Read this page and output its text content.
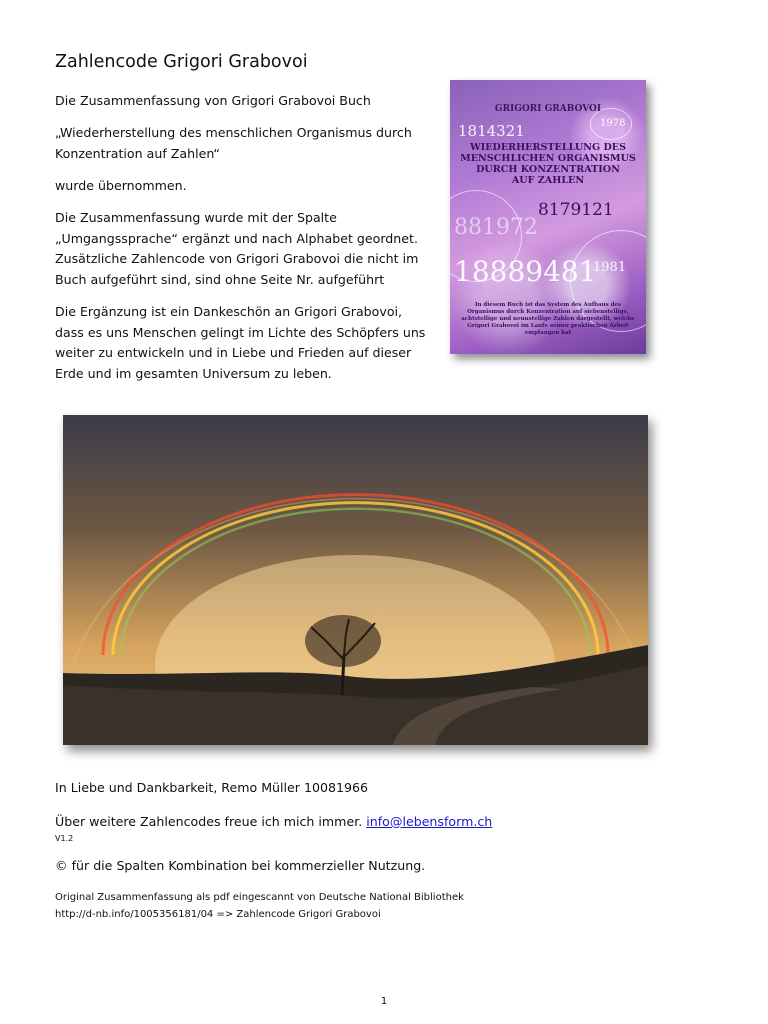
Zahlencode Grigori Grabovoi
Die Zusammenfassung von Grigori Grabovoi Buch
„Wiederherstellung des menschlichen Organismus durch
Konzentration auf Zahlen“
wurde übernommen.
Die Zusammenfassung wurde mit der Spalte
„Umgangssprache“ ergänzt und nach Alphabet geordnet.
Zusätzliche Zahlencode von Grigori Grabovoi die nicht im
Buch aufgeführt sind, sind ohne Seite Nr. aufgeführt
Die Ergänzung ist ein Dankeschön an Grigori Grabovoi,
dass es uns Menschen gelingt im Lichte des Schöpfers uns
weiter zu entwickeln und in Liebe und Frieden auf dieser
Erde und im gesamten Universum zu leben.
GRIGORI GRABOVOI
1814321	1978
WIEDERHERSTELLUNG DES
MENSCHLICHEN ORGANISMUS
DURCH KONZENTRATION
AUF ZAHLEN
8179121
881972
18889481
1981
In diesem Buch ist das System des Aufbaus des Organismus durch Konzentration auf siebenstellige, achtstellige und neunstellige Zahlen dargestellt, welche Grigori Grabovoi im Laufe seiner praktischen Arbeit empfangen hat
In Liebe und Dankbarkeit, Remo Müller 10081966
Über weitere Zahlencodes freue ich mich immer. info@lebensform.ch
V1.2
© für die Spalten Kombination bei kommerzieller Nutzung.
Original Zusammenfassung als pdf eingescannt von Deutsche National Bibliothek
http://d-nb.info/1005356181/04 => Zahlencode Grigori Grabovoi
1
